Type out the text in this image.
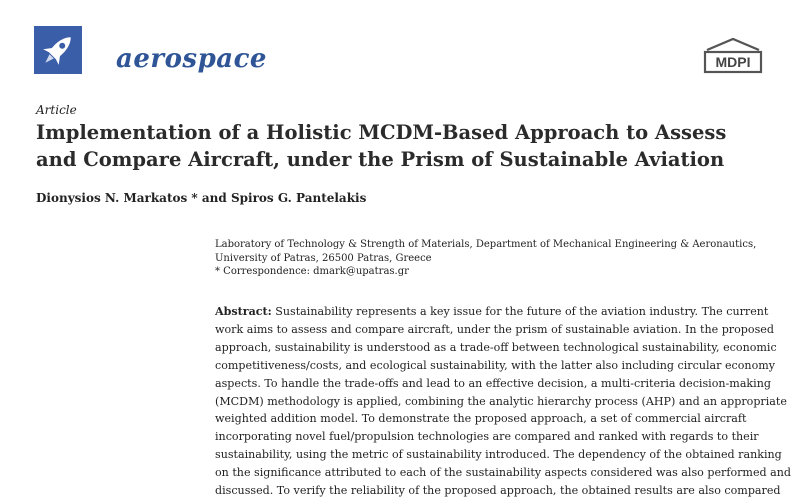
aerospace	MDPI
Article
Implementation of a Holistic MCDM-Based Approach to Assess
and Compare Aircraft, under the Prism of Sustainable Aviation
Dionysios N. Markatos * and Spiros G. Pantelakis
Laboratory of Technology & Strength of Materials, Department of Mechanical Engineering & Aeronautics,
University of Patras, 26500 Patras, Greece
* Correspondence: dmark@upatras.gr
Abstract: Sustainability represents a key issue for the future of the aviation industry. The current
work aims to assess and compare aircraft, under the prism of sustainable aviation. In the proposed
approach, sustainability is understood as a trade-off between technological sustainability, economic
competitiveness/costs, and ecological sustainability, with the latter also including circular economy
aspects. To handle the trade-offs and lead to an effective decision, a multi-criteria decision-making
(MCDM) methodology is applied, combining the analytic hierarchy process (AHP) and an appropriate
weighted addition model. To demonstrate the proposed approach, a set of commercial aircraft
incorporating novel fuel/propulsion technologies are compared and ranked with regards to their
sustainability, using the metric of sustainability introduced. The dependency of the obtained ranking
on the significance attributed to each of the sustainability aspects considered was also performed and
discussed. To verify the reliability of the proposed approach, the obtained results are also compared
